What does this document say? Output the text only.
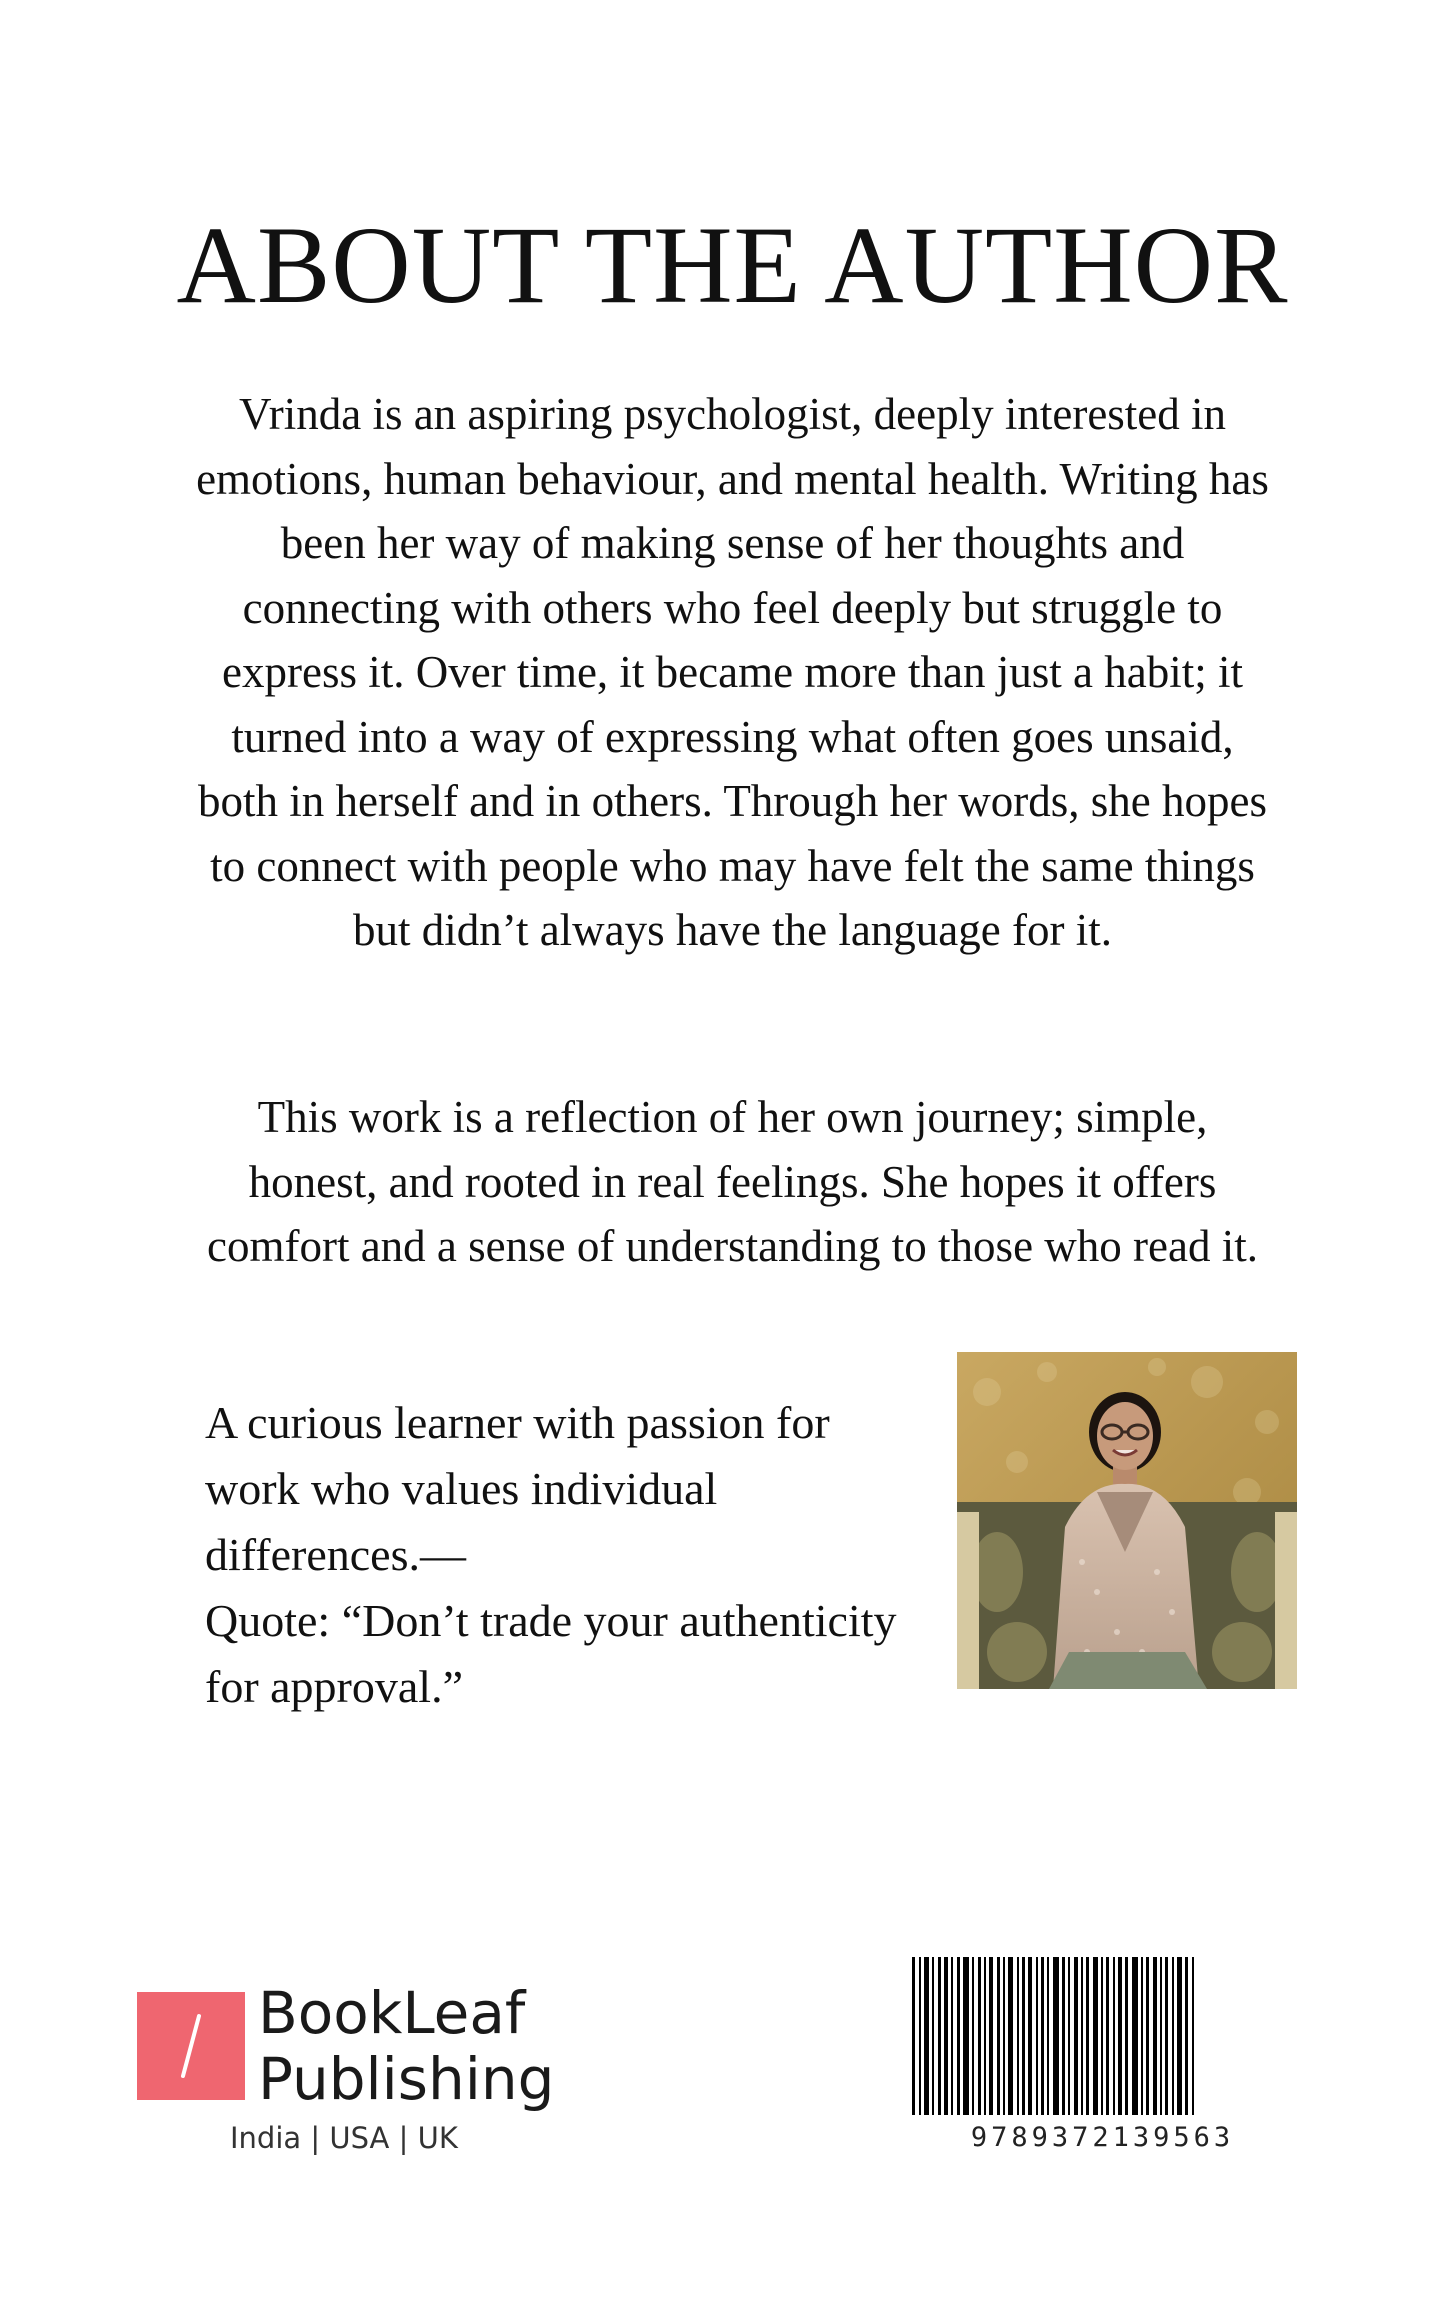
ABOUT THE AUTHOR

Vrinda is an aspiring psychologist, deeply interested in emotions, human behaviour, and mental health. Writing has been her way of making sense of her thoughts and connecting with others who feel deeply but struggle to express it. Over time, it became more than just a habit; it turned into a way of expressing what often goes unsaid, both in herself and in others. Through her words, she hopes to connect with people who may have felt the same things but didn’t always have the language for it.

This work is a reflection of her own journey; simple, honest, and rooted in real feelings. She hopes it offers comfort and a sense of understanding to those who read it.

A curious learner with passion for work who values individual differences.—
Quote: “Don’t trade your authenticity for approval.”
BookLeaf
Publishing
India | USA | UK	9789372139563
